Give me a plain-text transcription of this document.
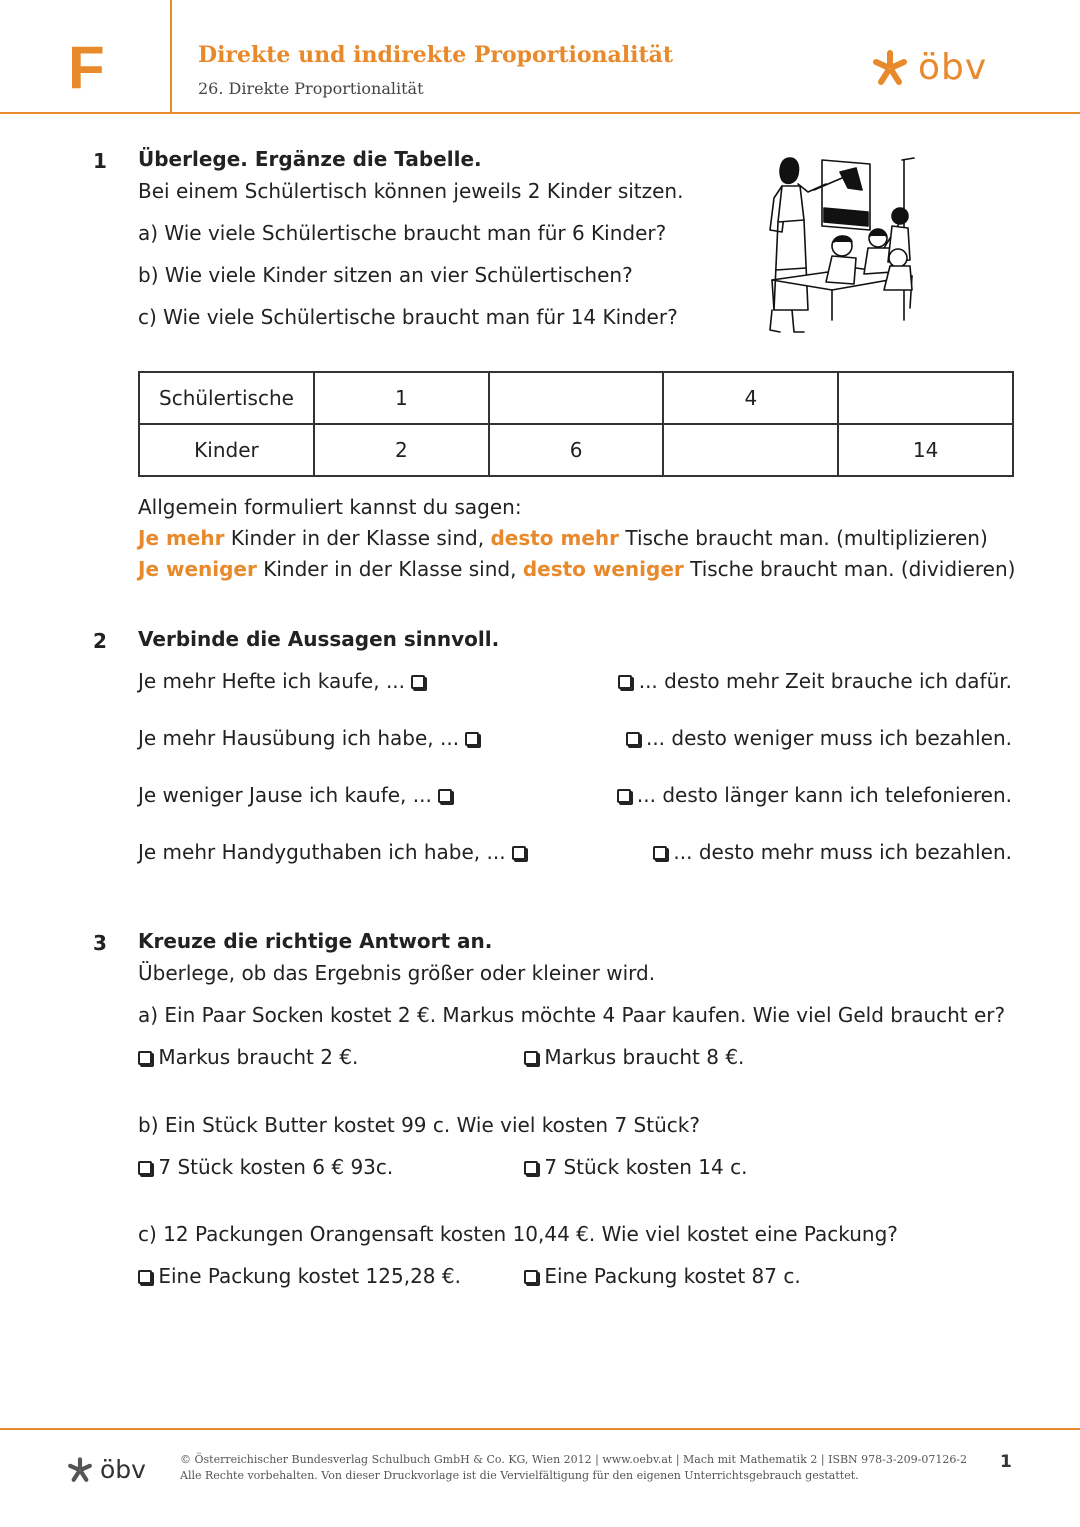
F	Direkte und indirekte Proportionalität
26. Direkte Proportionalität
öbv
1 Überlege. Ergänze die Tabelle.
Bei einem Schülertisch können jeweils 2 Kinder sitzen.
a) Wie viele Schülertische braucht man für 6 Kinder?
b) Wie viele Kinder sitzen an vier Schülertischen?
c) Wie viele Schülertische braucht man für 14 Kinder?
Schülertische	1		4	
Kinder	2	6		14
Allgemein formuliert kannst du sagen:
Je mehr Kinder in der Klasse sind, desto mehr Tische braucht man. (multiplizieren)
Je weniger Kinder in der Klasse sind, desto weniger Tische braucht man. (dividieren)
2 Verbinde die Aussagen sinnvoll.
Je mehr Hefte ich kaufe, ...
Je mehr Hausübung ich habe, ...
Je weniger Jause ich kaufe, ...
Je mehr Handyguthaben ich habe, ...
... desto mehr Zeit brauche ich dafür.
... desto weniger muss ich bezahlen.
... desto länger kann ich telefonieren.
... desto mehr muss ich bezahlen.
3 Kreuze die richtige Antwort an.
Überlege, ob das Ergebnis größer oder kleiner wird.
a) Ein Paar Socken kostet 2 €. Markus möchte 4 Paar kaufen. Wie viel Geld braucht er?
Markus braucht 2 €.	Markus braucht 8 €.
b) Ein Stück Butter kostet 99 c. Wie viel kosten 7 Stück?
7 Stück kosten 6 € 93c.	7 Stück kosten 14 c.
c) 12 Packungen Orangensaft kosten 10,44 €. Wie viel kostet eine Packung?
Eine Packung kostet 125,28 €.	Eine Packung kostet 87 c.
öbv	© Österreichischer Bundesverlag Schulbuch GmbH & Co. KG, Wien 2012 | www.oebv.at | Mach mit Mathematik 2 | ISBN 978-3-209-07126-2
Alle Rechte vorbehalten. Von dieser Druckvorlage ist die Vervielfältigung für den eigenen Unterrichtsgebrauch gestattet.
1
